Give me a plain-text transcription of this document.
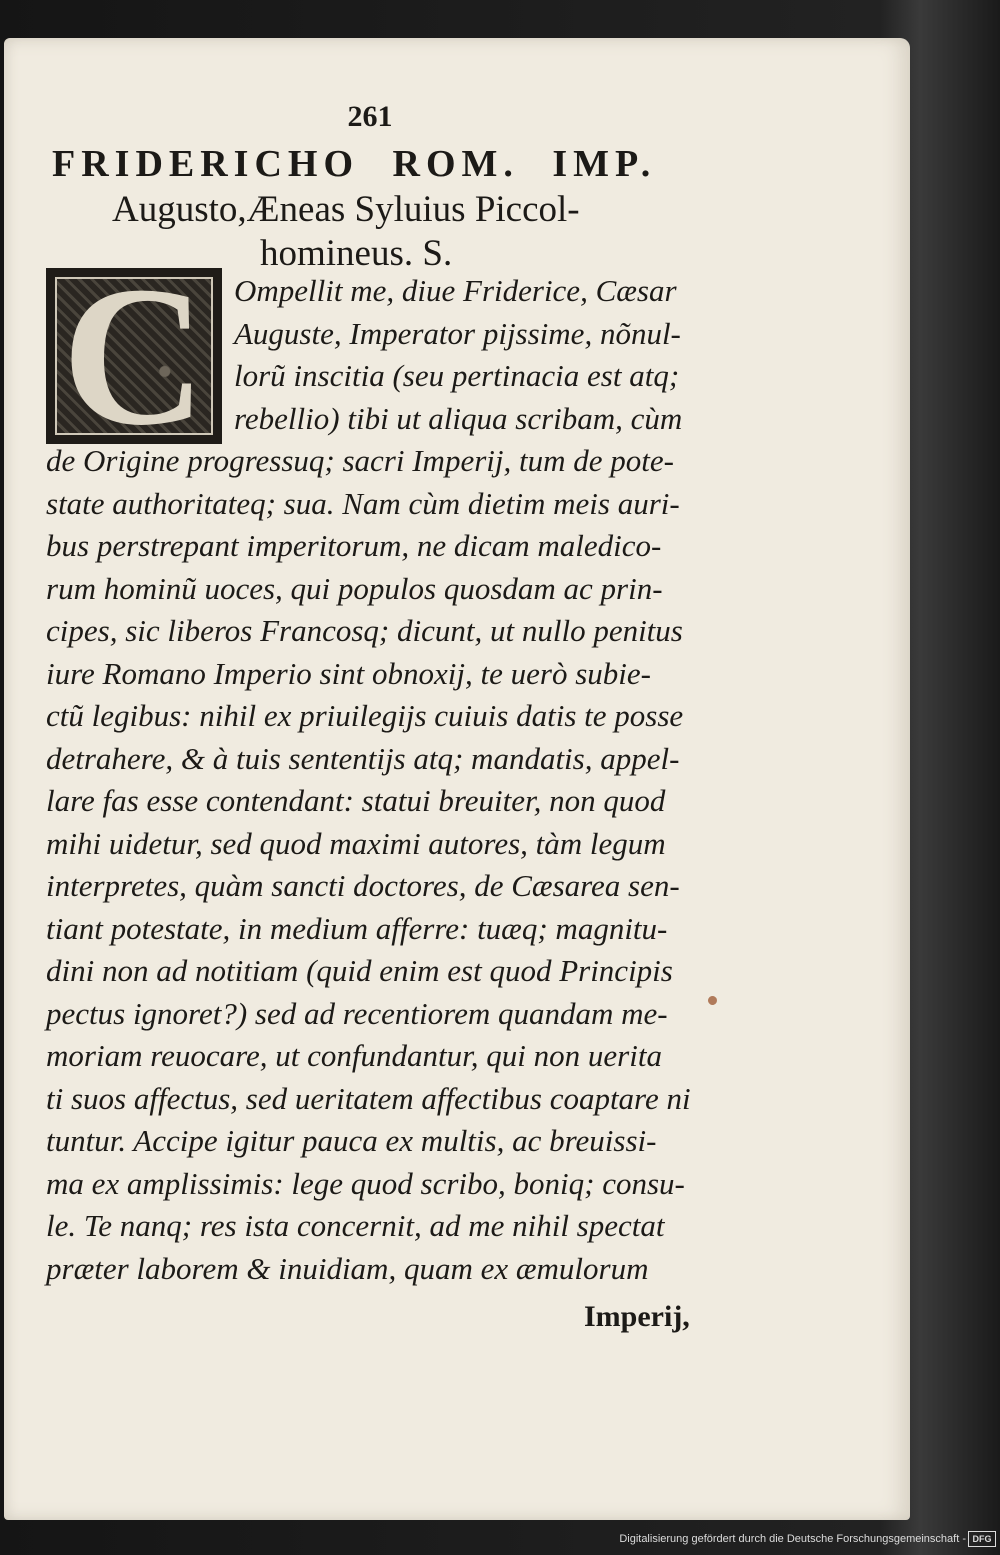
261
FRIDERICHO ROM. IMP.
Augusto,Æneas Syluius Piccol-
homineus. S.
C Ompellit me, diue Friderice, Cæsar
Auguste, Imperator pijssime, nõnul-
lorũ inscitia (seu pertinacia est atq;
rebellio) tibi ut aliqua scribam, cùm
de Origine progressuq; sacri Imperij, tum de pote-
state authoritateq; sua. Nam cùm dietim meis auri-
bus perstrepant imperitorum, ne dicam maledico-
rum hominũ uoces, qui populos quosdam ac prin-
cipes, sic liberos Francosq; dicunt, ut nullo penitus
iure Romano Imperio sint obnoxij, te uerò subie-
ctũ legibus: nihil ex priuilegijs cuiuis datis te posse
detrahere, & à tuis sententijs atq; mandatis, appel-
lare fas esse contendant: statui breuiter, non quod
mihi uidetur, sed quod maximi autores, tàm legum
interpretes, quàm sancti doctores, de Cæsarea sen-
tiant potestate, in medium afferre: tuæq; magnitu-
dini non ad notitiam (quid enim est quod Principis
pectus ignoret?) sed ad recentiorem quandam me-
moriam reuocare, ut confundantur, qui non uerita
ti suos affectus, sed ueritatem affectibus coaptare ni
tuntur. Accipe igitur pauca ex multis, ac breuissi-
ma ex amplissimis: lege quod scribo, boniq; consu-
le. Te nanq; res ista concernit, ad me nihil spectat
præter laborem & inuidiam, quam ex æmulorum
Imperij,
Digitalisierung gefördert durch die Deutsche Forschungsgemeinschaft - DFG
